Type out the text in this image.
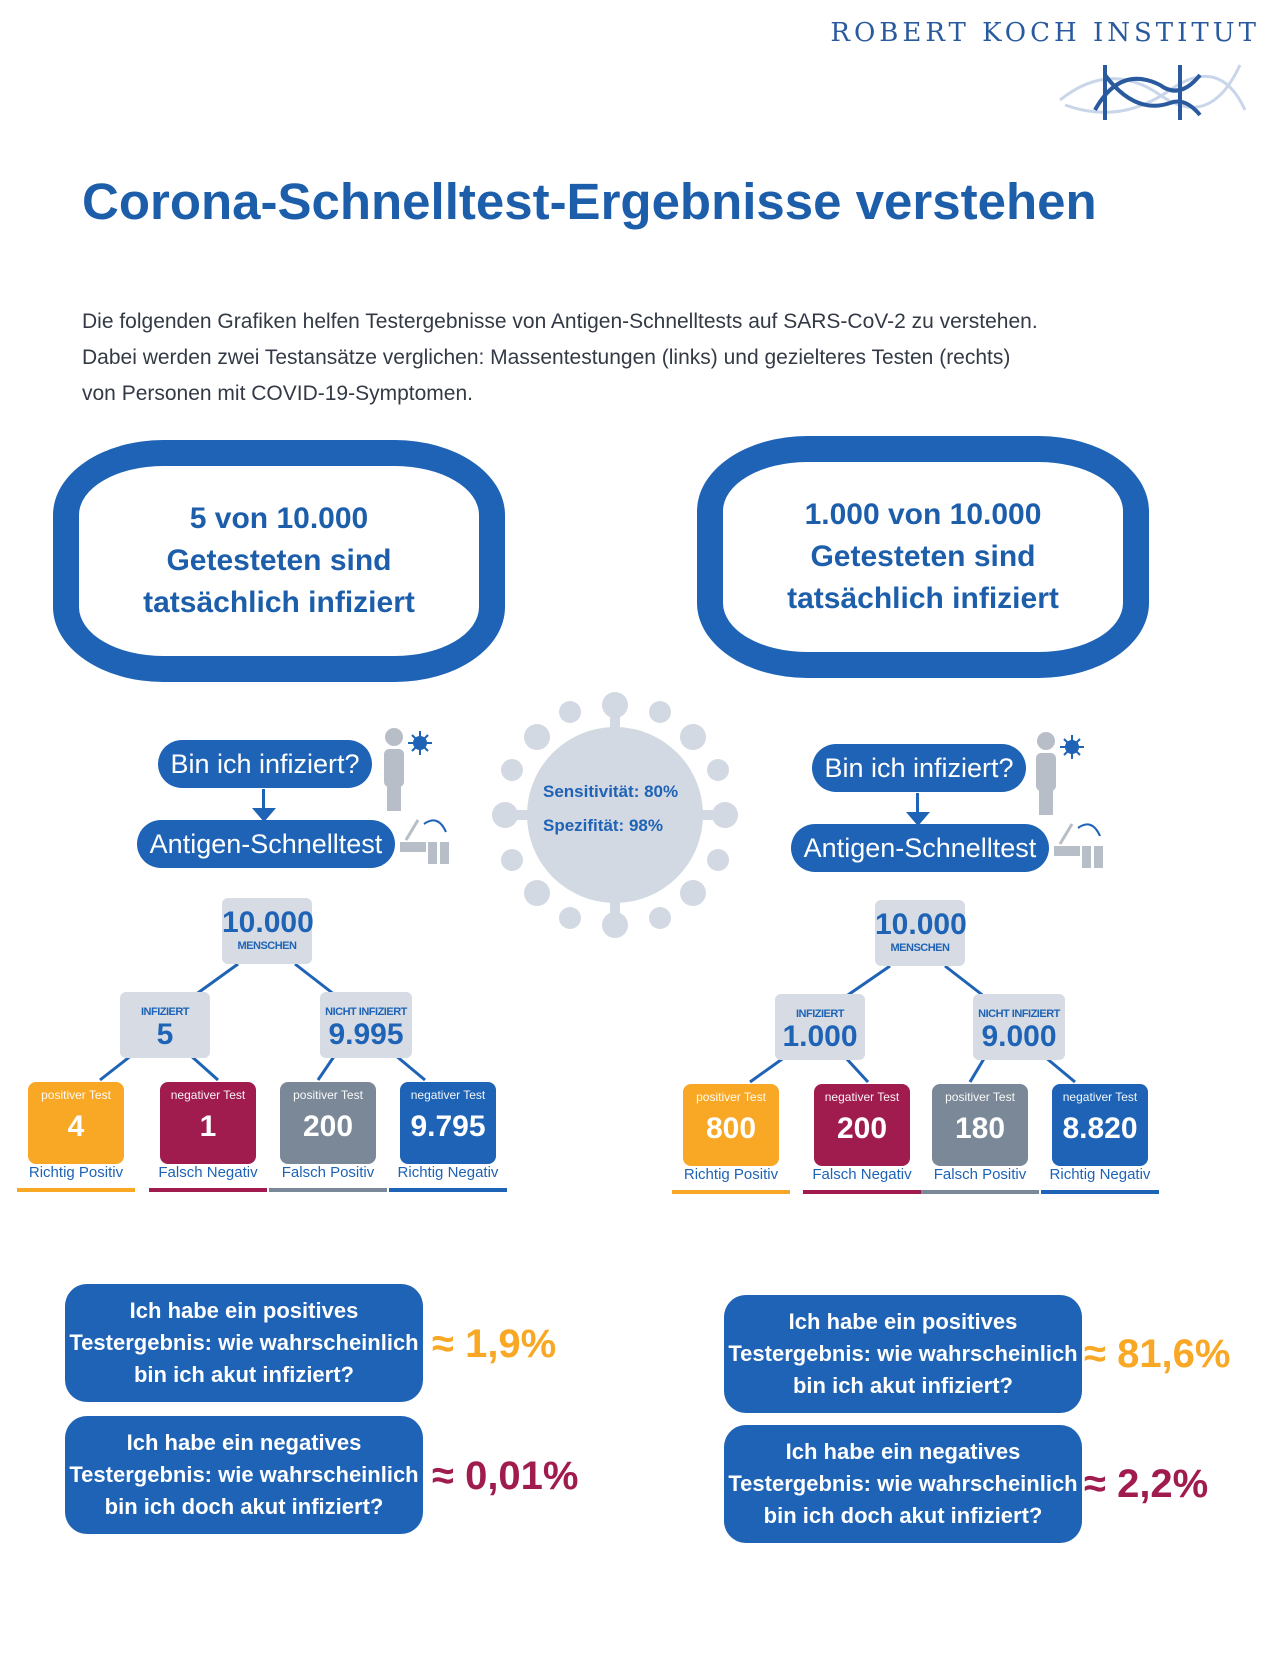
ROBERT KOCH INSTITUT
Corona-Schnelltest-Ergebnisse verstehen
Die folgenden Grafiken helfen Testergebnisse von Antigen-Schnelltests auf SARS-CoV-2 zu verstehen.
Dabei werden zwei Testansätze verglichen: Massentestungen (links) und gezielteres Testen (rechts)
von Personen mit COVID-19-Symptomen.
5 von 10.000
Getesteten sind
tatsächlich infiziert
1.000 von 10.000
Getesteten sind
tatsächlich infiziert
Sensitivität: 80%
Spezifität: 98%
Bin ich infiziert?
Antigen-Schnelltest
10.000
MENSCHEN
INFIZIERT
5
NICHT INFIZIERT
9.995
positiver Test
4
negativer Test
1
positiver Test
200
negativer Test
9.795
Richtig Positiv	Falsch Negativ	Falsch Positiv	Richtig Negativ
Bin ich infiziert?
Antigen-Schnelltest
10.000
MENSCHEN
INFIZIERT
1.000
NICHT INFIZIERT
9.000
positiver Test
800
negativer Test
200
positiver Test
180
negativer Test
8.820
Richtig Positiv	Falsch Negativ	Falsch Positiv	Richtig Negativ
Ich habe ein positives
Testergebnis: wie wahrscheinlich
bin ich akut infiziert?
≈ 1,9%
Ich habe ein negatives
Testergebnis: wie wahrscheinlich
bin ich doch akut infiziert?
≈ 0,01%
Ich habe ein positives
Testergebnis: wie wahrscheinlich
bin ich akut infiziert?
≈ 81,6%
Ich habe ein negatives
Testergebnis: wie wahrscheinlich
bin ich doch akut infiziert?
≈ 2,2%
